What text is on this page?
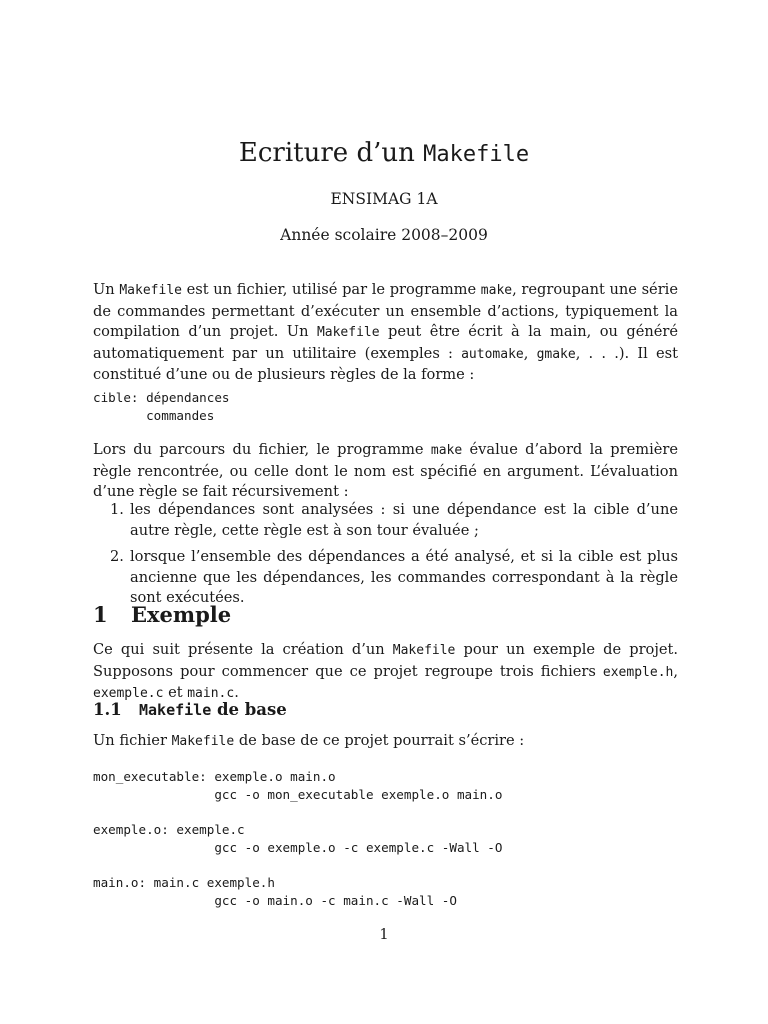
Ecriture d’un Makefile
ENSIMAG 1A
Année scolaire 2008–2009
Un Makefile est un fichier, utilisé par le programme make, regroupant une série de commandes permettant d’exécuter un ensemble d’actions, typiquement la compilation d’un projet. Un Makefile peut être écrit à la main, ou généré automatiquement par un utilitaire (exemples : automake, gmake, . . .). Il est constitué d’une ou de plusieurs règles de la forme :
cible: dépendances
commandes
Lors du parcours du fichier, le programme make évalue d’abord la première règle rencontrée, ou celle dont le nom est spécifié en argument. L’évaluation d’une règle se fait récursivement :
1. les dépendances sont analysées : si une dépendance est la cible d’une autre règle, cette règle est à son tour évaluée ;
2. lorsque l’ensemble des dépendances a été analysé, et si la cible est plus ancienne que les dépendances, les commandes correspondant à la règle sont exécutées.
1 Exemple
Ce qui suit présente la création d’un Makefile pour un exemple de projet. Supposons pour commencer que ce projet regroupe trois fichiers exemple.h, exemple.c et main.c.
1.1 Makefile de base
Un fichier Makefile de base de ce projet pourrait s’écrire :
mon_executable: exemple.o main.o
gcc -o mon_executable exemple.o main.o
exemple.o: exemple.c
gcc -o exemple.o -c exemple.c -Wall -O
main.o: main.c exemple.h
gcc -o main.o -c main.c -Wall -O
1
